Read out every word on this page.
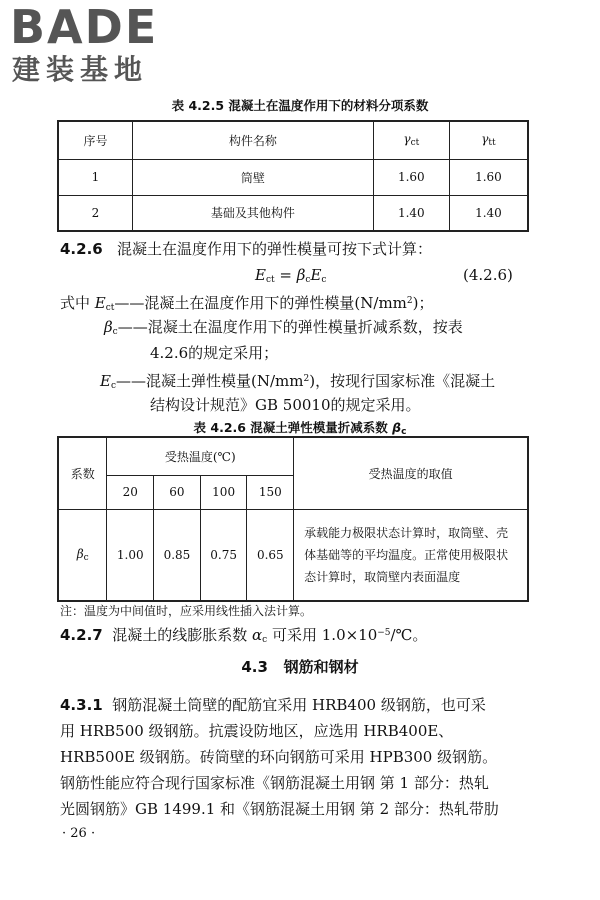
BADE
建装基地
表 4.2.5 混凝土在温度作用下的材料分项系数
序号	构件名称	$\gamma_{ct}$	$\gamma_{tt}$
1	筒壁	1.60	1.60
2	基础及其他构件	1.40	1.40
4.2.6 混凝土在温度作用下的弹性模量可按下式计算：
$E_{ct} = \beta_cE_c$	(4.2.6)
式中 $E_{ct}——$混凝土在温度作用下的弹性模量$(N/mm^2)$；
$\beta_c——$混凝土在温度作用下的弹性模量折减系数，按表
4.2.6的规定采用；
$E_c——$混凝土弹性模量$(N/mm^2)$，按现行国家标准《混凝土
结构设计规范》GB 50010的规定采用。
表 4.2.6 混凝土弹性模量折减系数 $\beta_c$
系数	受热温度(℃)				受热温度的取值
	20	60	100	150	
$\beta_c$	1.00	0.85	0.75	0.65	承载能力极限状态计算时，取筒壁、壳
体基础等的平均温度。正常使用极限状
态计算时，取筒壁内表面温度
注：温度为中间值时，应采用线性插入法计算。
4.2.7  混凝土的线膨胀系数 $\alpha_c$ 可采用 $1.0\times 10^{-5}/℃$。
4.3 钢筋和钢材
4.3.1 钢筋混凝土筒壁的配筋宜采用 HRB400 级钢筋，也可采
用 HRB500 级钢筋。抗震设防地区，应选用 HRB400E、
HRB500E 级钢筋。砖筒壁的环向钢筋可采用 HPB300 级钢筋。
钢筋性能应符合现行国家标准《钢筋混凝土用钢 第 1 部分：热轧
光圆钢筋》GB 1499.1 和《钢筋混凝土用钢 第 2 部分：热轧带肋
· 26 ·
